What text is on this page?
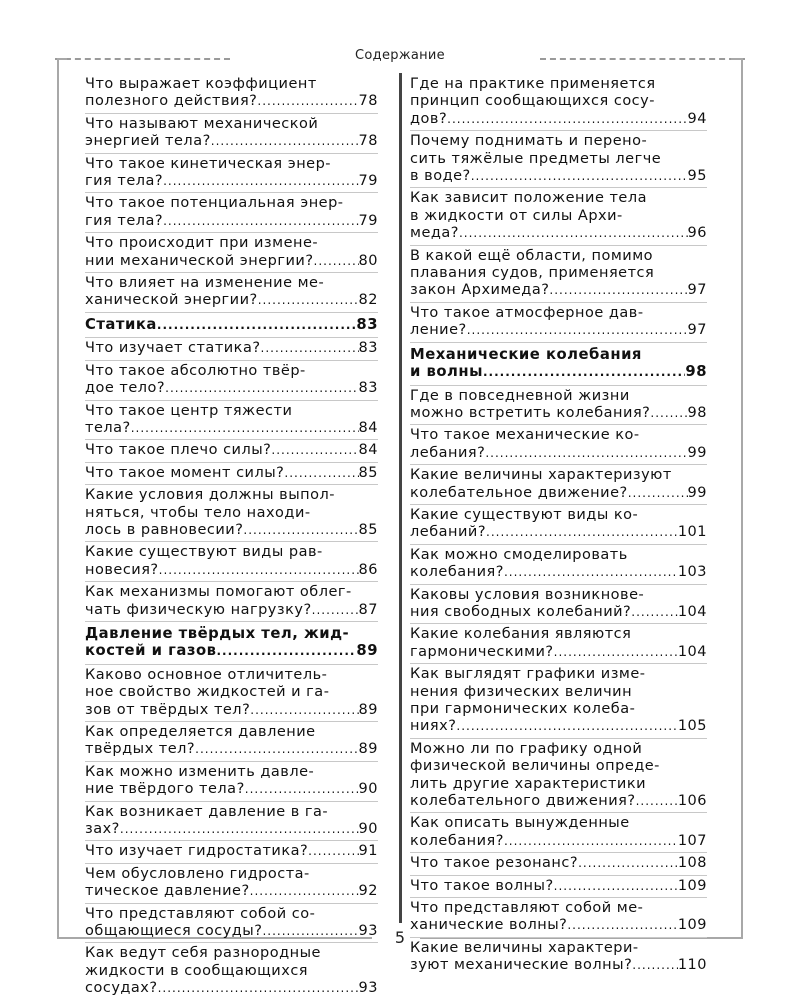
Содержание
Что выражает коэффициент
полезного действия? .....	78
Что называют механической
энергией тела? .....	78
Что такое кинетическая энер-
гия тела? .....	79
Что такое потенциальная энер-
гия тела? .....	79
Что происходит при измене-
нии механической энергии? .....	80
Что влияет на изменение ме-
ханической энергии? .....	82
Статика .....	83
Что изучает статика? .....	83
Что такое абсолютно твёр-
дое тело? .....	83
Что такое центр тяжести
тела? .....	84
Что такое плечо силы? .....	84
Что такое момент силы? .....	85
Какие условия должны выпол-
няться, чтобы тело находи-
лось в равновесии? .....	85
Какие существуют виды рав-
новесия? .....	86
Как механизмы помогают облег-
чать физическую нагрузку? .....	87
Давление твёрдых тел, жид-
костей и газов .....	89
Каково основное отличитель-
ное свойство жидкостей и га-
зов от твёрдых тел? .....	89
Как определяется давление
твёрдых тел? .....	89
Как можно изменить давле-
ние твёрдого тела? .....	90
Как возникает давление в га-
зах? .....	90
Что изучает гидростатика? .....	91
Чем обусловлено гидроста-
тическое давление? .....	92
Что представляют собой со-
общающиеся сосуды? .....	93
Как ведут себя разнородные
жидкости в сообщающихся
сосудах? .....	93
Где на практике применяется
принцип сообщающихся сосу-
дов? .....	94
Почему поднимать и перено-
сить тяжёлые предметы легче
в воде? .....	95
Как зависит положение тела
в жидкости от силы Архи-
меда? .....	96
В какой ещё области, помимо
плавания судов, применяется
закон Архимеда? .....	97
Что такое атмосферное дав-
ление? .....	97
Механические колебания
и волны .....	98
Где в повседневной жизни
можно встретить колебания? .....	98
Что такое механические ко-
лебания? .....	99
Какие величины характеризуют
колебательное движение? .....	99
Какие существуют виды ко-
лебаний? .....	101
Как можно смоделировать
колебания? .....	103
Каковы условия возникнове-
ния свободных колебаний? .....	104
Какие колебания являются
гармоническими? .....	104
Как выглядят графики изме-
нения физических величин
при гармонических колеба-
ниях? .....	105
Можно ли по графику одной
физической величины опреде-
лить другие характеристики
колебательного движения? .....	106
Как описать вынужденные
колебания? .....	107
Что такое резонанс? .....	108
Что такое волны? .....	109
Что представляют собой ме-
ханические волны? .....	109
Какие величины характери-
зуют механические волны? .....	110
5
